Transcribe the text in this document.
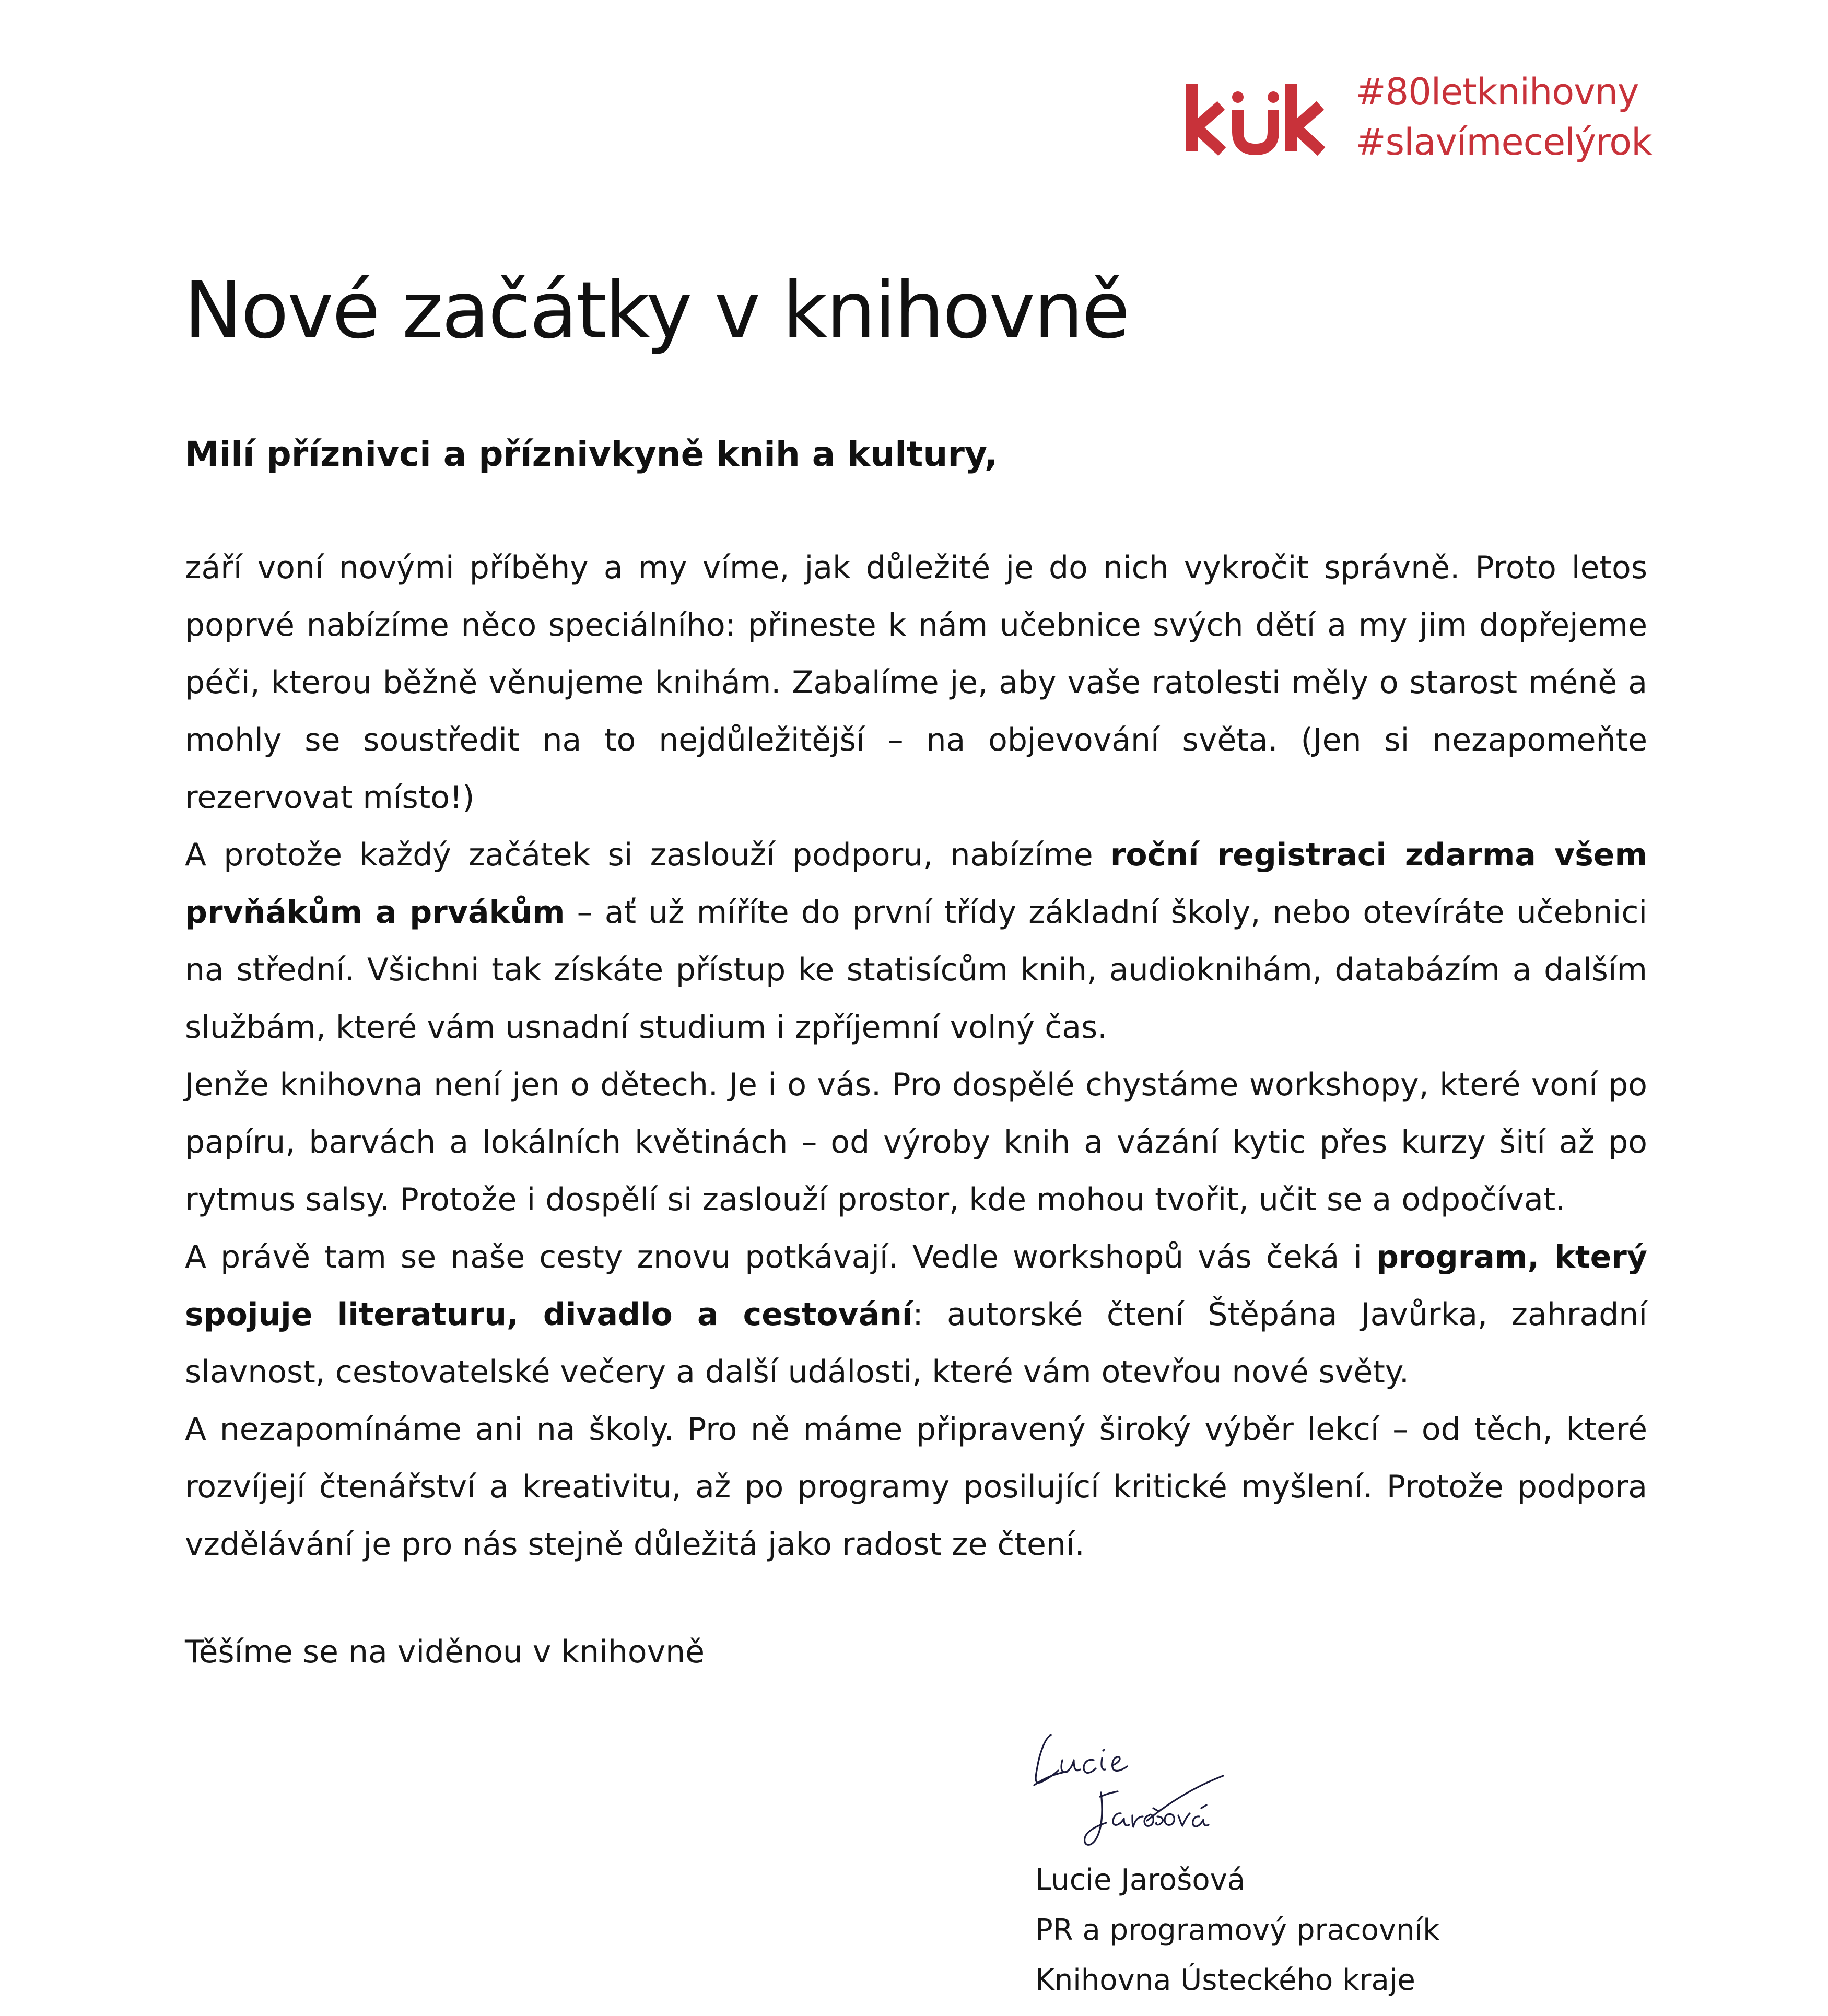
#80letknihovny
#slavímecelýrok
Nové začátky v knihovně
Milí příznivci a příznivkyně knih a kultury,

září voní novými příběhy a my víme, jak důležité je do nich vykročit správně. Proto letos poprvé nabízíme něco speciálního: přineste k nám učebnice svých dětí a my jim dopřejeme péči, kterou běžně věnujeme knihám. Zabalíme je, aby vaše ratolesti měly o starost méně a mohly se soustředit na to nejdůležitější – na objevování světa. (Jen si nezapomeňte rezervovat místo!)

A protože každý začátek si zaslouží podporu, nabízíme roční registraci zdarma všem prvňákům a prvákům – ať už míříte do první třídy základní školy, nebo otevíráte učebnici na střední. Všichni tak získáte přístup ke statisícům knih, audioknihám, databázím a dalším službám, které vám usnadní studium i zpříjemní volný čas.

Jenže knihovna není jen o dětech. Je i o vás. Pro dospělé chystáme workshopy, které voní po papíru, barvách a lokálních květinách – od výroby knih a vázání kytic přes kurzy šití až po rytmus salsy. Protože i dospělí si zaslouží prostor, kde mohou tvořit, učit se a odpočívat.

A právě tam se naše cesty znovu potkávají. Vedle workshopů vás čeká i program, který spojuje literaturu, divadlo a cestování: autorské čtení Štěpána Javůrka, zahradní slavnost, cestovatelské večery a další události, které vám otevřou nové světy.

A nezapomínáme ani na školy. Pro ně máme připravený široký výběr lekcí – od těch, které rozvíjejí čtenářství a kreativitu, až po programy posilující kritické myšlení. Protože podpora vzdělávání je pro nás stejně důležitá jako radost ze čtení.

Těšíme se na viděnou v knihovně
Lucie Jarošová
PR a programový pracovník
Knihovna Ústeckého kraje
